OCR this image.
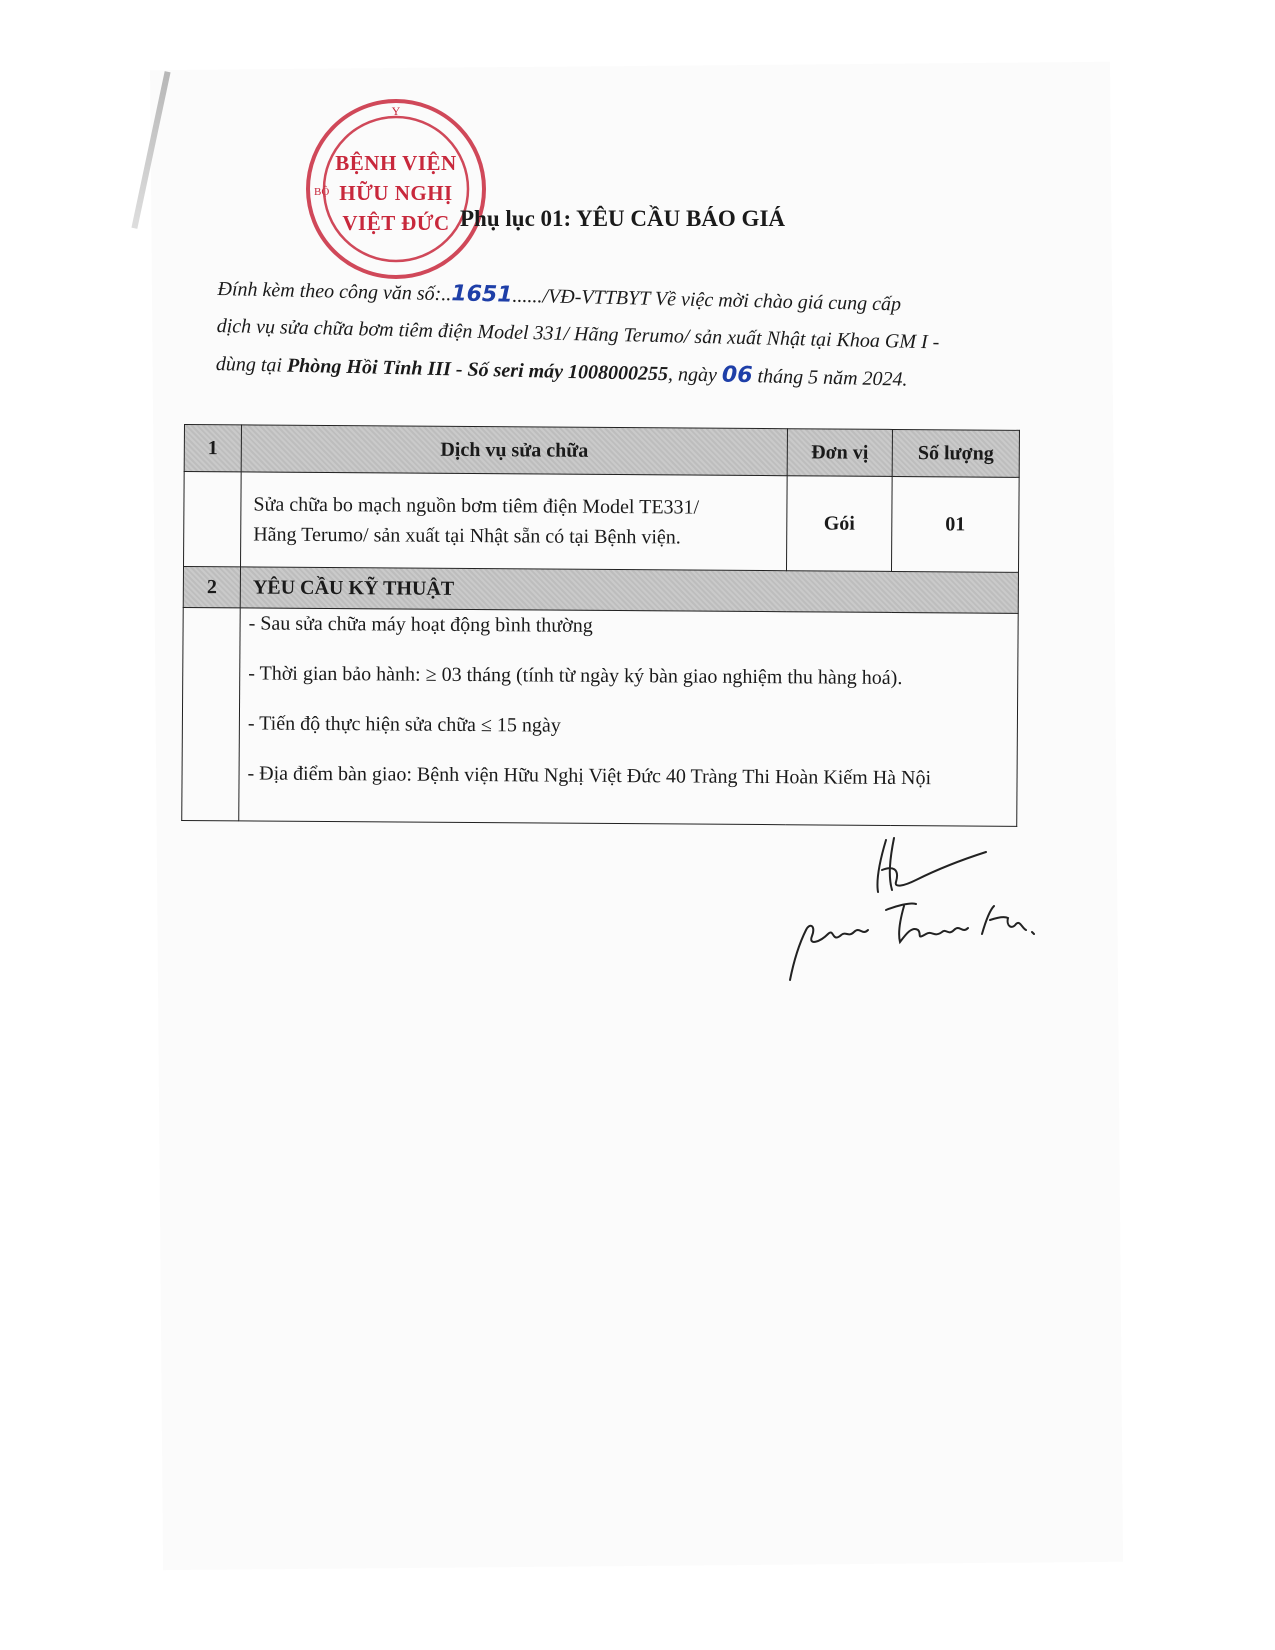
Y
BỘ
BỆNH VIỆN
HỮU NGHỊ
VIỆT ĐỨC Phụ lục 01: YÊU CẦU BÁO GIÁ
Đính kèm theo công văn số:..1651....../VĐ-VTTBYT Về việc mời chào giá cung cấp
dịch vụ sửa chữa bơm tiêm điện Model 331/ Hãng Terumo/ sản xuất Nhật tại Khoa GM I -
dùng tại Phòng Hồi Tỉnh III - Số seri máy 1008000255, ngày 06 tháng 5 năm 2024.
1	Dịch vụ sửa chữa	Đơn vị	Số lượng

	Sửa chữa bo mạch nguồn bơm tiêm điện Model TE331/
Hãng Terumo/ sản xuất tại Nhật sẵn có tại Bệnh viện.	Gói	01
2	YÊU CẦU KỸ THUẬT		

	- Sau sửa chữa máy hoạt động bình thường
- Thời gian bảo hành: ≥ 03 tháng (tính từ ngày ký bàn giao nghiệm thu hàng hoá).
- Tiến độ thực hiện sửa chữa ≤ 15 ngày
- Địa điểm bàn giao: Bệnh viện Hữu Nghị Việt Đức 40 Tràng Thi Hoàn Kiếm Hà Nội		
